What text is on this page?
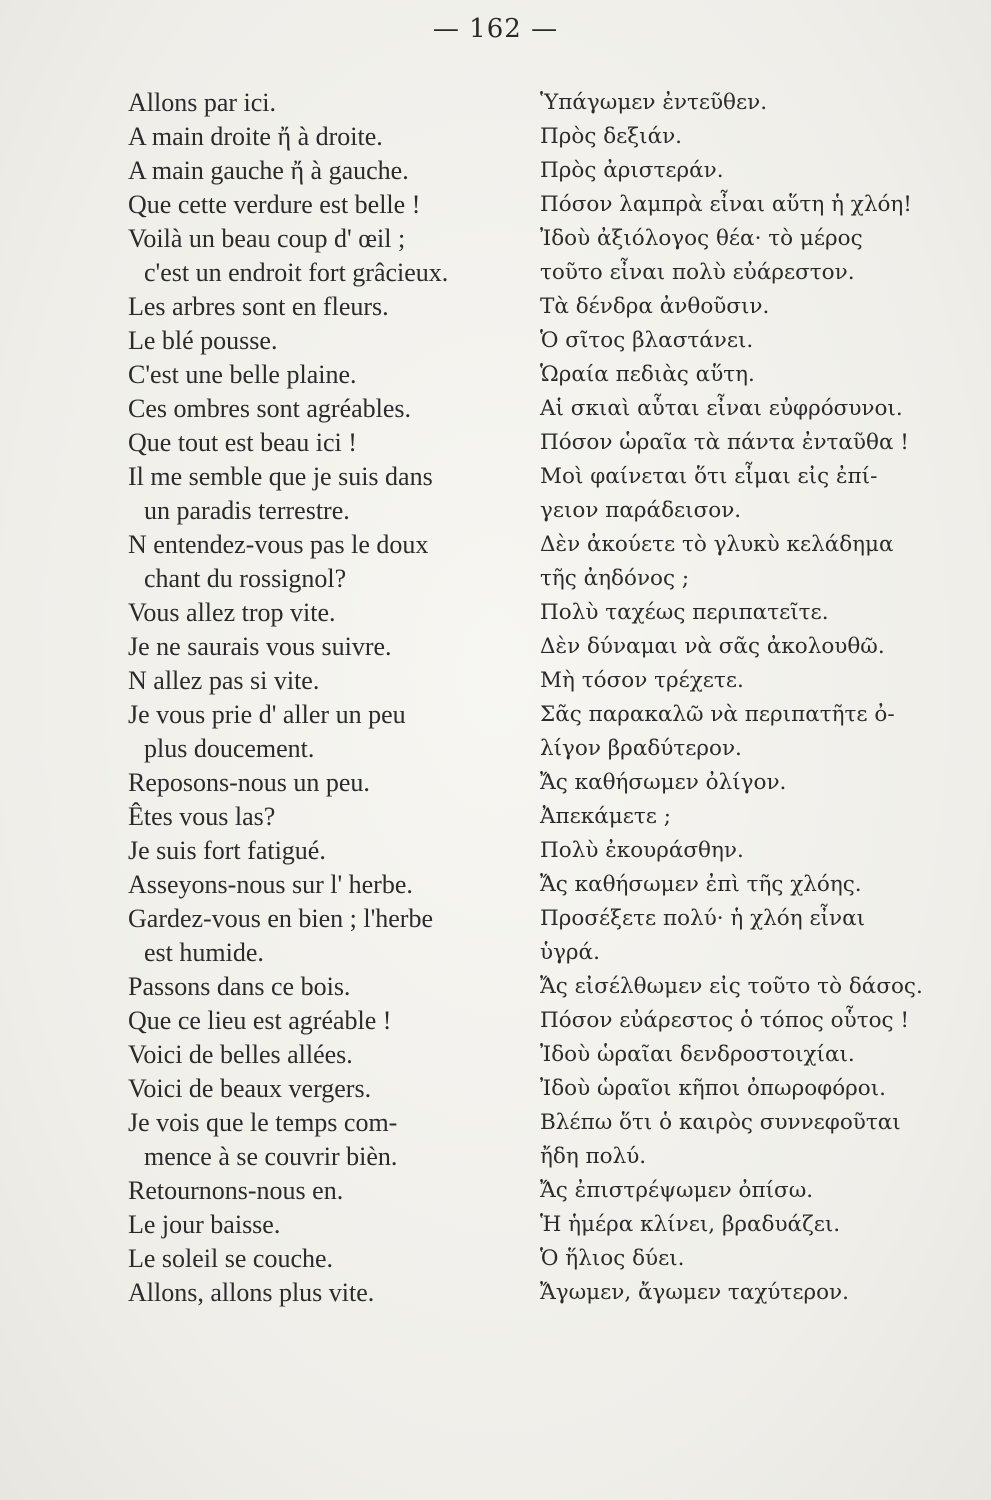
— 162 —
Allons par ici.
A main droite ἤ à droite.
A main gauche ἤ à gauche.
Que cette verdure est belle !
Voilà un beau coup d' œil ;
c'est un endroit fort grâcieux.
Les arbres sont en fleurs.
Le blé pousse.
C'est une belle plaine.
Ces ombres sont agréables.
Que tout est beau ici !
Il me semble que je suis dans
un paradis terrestre.
N entendez-vous pas le doux
chant du rossignol?
Vous allez trop vite.
Je ne saurais vous suivre.
N allez pas si vite.
Je vous prie d' aller un peu
plus doucement.
Reposons-nous un peu.
Êtes vous las?
Je suis fort fatigué.
Asseyons-nous sur l' herbe.
Gardez-vous en bien ; l'herbe
est humide.
Passons dans ce bois.
Que ce lieu est agréable !
Voici de belles allées.
Voici de beaux vergers.
Je vois que le temps com-
mence à se couvrir bièn.
Retournons-nous en.
Le jour baisse.
Le soleil se couche.
Allons, allons plus vite.
Ὑπάγωμεν ἐντεῦθεν.
Πρὸς δεξιάν.
Πρὸς ἀριστεράν.
Πόσον λαμπρὰ εἶναι αὕτη ἡ χλόη!
Ἰδοὺ ἀξιόλογος θέα· τὸ μέρος
τοῦτο εἶναι πολὺ εὐάρεστον.
Τὰ δένδρα ἀνθοῦσιν.
Ὁ σῖτος βλαστάνει.
Ὡραία πεδιὰς αὕτη.
Αἱ σκιαὶ αὗται εἶναι εὐφρόσυνοι.
Πόσον ὡραῖα τὰ πάντα ἐνταῦθα !
Μοὶ φαίνεται ὅτι εἶμαι εἰς ἐπί-
γειον παράδεισον.
Δὲν ἀκούετε τὸ γλυκὺ κελάδημα
τῆς ἀηδόνος ;
Πολὺ ταχέως περιπατεῖτε.
Δὲν δύναμαι νὰ σᾶς ἀκολουθῶ.
Μὴ τόσον τρέχετε.
Σᾶς παρακαλῶ νὰ περιπατῆτε ὀ-
λίγον βραδύτερον.
Ἄς καθήσωμεν ὀλίγον.
Ἀπεκάμετε ;
Πολὺ ἐκουράσθην.
Ἄς καθήσωμεν ἐπὶ τῆς χλόης.
Προσέξετε πολύ· ἡ χλόη εἶναι
ὑγρά.
Ἄς εἰσέλθωμεν εἰς τοῦτο τὸ δάσος.
Πόσον εὐάρεστος ὁ τόπος οὗτος !
Ἰδοὺ ὡραῖαι δενδροστοιχίαι.
Ἰδοὺ ὡραῖοι κῆποι ὀπωροφόροι.
Βλέπω ὅτι ὁ καιρὸς συννεφοῦται
ἤδη πολύ.
Ἄς ἐπιστρέψωμεν ὀπίσω.
Ἡ ἡμέρα κλίνει, βραδυάζει.
Ὁ ἥλιος δύει.
Ἄγωμεν, ἄγωμεν ταχύτερον.
